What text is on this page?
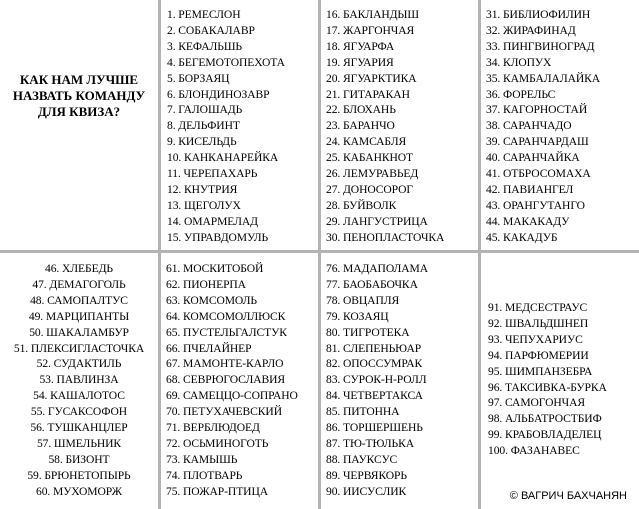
КАК НАМ ЛУЧШЕ НАЗВАТЬ КОМАНДУ ДЛЯ КВИЗА?
1. РЕМЕСЛОН
2. СОБАКАЛАВР
3. КЕФАЛЬШЬ
4. БЕГЕМОТОПЕХОТА
5. БОРЗАЯЦ
6. БЛОНДИНОЗАВР
7. ГАЛОШАДЬ
8. ДЕЛЬФИНТ
9. КИСЕЛЬДЬ
10. КАНКАНАРЕЙКА
11. ЧЕРЕПАХАРЬ
12. КНУТРИЯ
13. ЩЕГОЛУХ
14. ОМАРМЕЛАД
15. УПРАВДОМУЛЬ
16. БАКЛАНДЫШ
17. ЖАРГОНЧАЯ
18. ЯГУАРФА
19. ЯГУАРИЯ
20. ЯГУАРКТИКА
21. ГИТАРАКАН
22. БЛОХАНЬ
23. БАРАНЧО
24. КАМСАБЛЯ
25. КАБАНКНОТ
26. ЛЕМУРАВЬЕД
27. ДОНОСОРОГ
28. БУЙВОЛК
29. ЛАНГУСТРИЦА
30. ПЕНОПЛАСТОЧКА
31. БИБЛИОФИЛИН
32. ЖИРАФИНАД
33. ПИНГВИНОГРАД
34. КЛОПУХ
35. КАМБАЛАЛАЙКА
36. ФОРЕЛЬС
37. КАГОРНОСТАЙ
38. САРАНЧАДО
39. САРАНЧАРДАШ
40. САРАНЧАЙКА
41. ОТБРОСОМАХА
42. ПАВИАНГЕЛ
43. ОРАНГУТАНГО
44. МАКАКАДУ
45. КАКАДУБ
46. ХЛЕБЕДЬ
47. ДЕМАГОГОЛЬ
48. САМОПАЛТУС
49. МАРЦИПАНТЫ
50. ШАКАЛАМБУР
51. ПЛЕКСИГЛАСТОЧКА
52. СУДАКТИЛЬ
53. ПАВЛИНЗА
54. КАШАЛОТОС
55. ГУСАКСОФОН
56. ТУШКАНЦЛЕР
57. ШМЕЛЬНИК
58. БИЗОНТ
59. БРЮНЕТОПЫРЬ
60. МУХОМОРЖ
61. МОСКИТОБОЙ
62. ПИОНЕРПА
63. КОМСОМОЛЬ
64. КОМСОМОЛЛЮСК
65. ПУСТЕЛЬГАЛСТУК
66. ПЧЕЛАЙНЕР
67. МАМОНТЕ-КАРЛО
68. СЕВРЮГОСЛАВИЯ
69. САМЕЦЦО-СОПРАНО
70. ПЕТУХАЧЕВСКИЙ
71. ВЕРБЛЮДОЕД
72. ОСЬМИНОГОТЬ
73. КАМЫШЬ
74. ПЛОТВАРЬ
75. ПОЖАР-ПТИЦА
76. МАДАПОЛАМА
77. БАОБАБОЧКА
78. ОВЦАПЛЯ
79. КОЗАЯЦ
80. ТИГРОТЕКА
81. СЛЕПЕНЬЮАР
82. ОПОССУМРАК
83. СУРОК-Н-РОЛЛ
84. ЧЕТВЕРТАКСА
85. ПИТОННА
86. ТОРШЕРШЕНЬ
87. ТЮ-ТЮЛЬКА
88. ПАУКСУС
89. ЧЕРВЯКОРЬ
90. ИИСУСЛИК
91. МЕДСЕСТРАУС
92. ШВАЛЬДШНЕП
93. ЧЕПУХАРИУС
94. ПАРФЮМЕРИИ
95. ШИМПАНЗЕБРА
96. ТАКСИВКА-БУРКА
97. САМОГОНЧАЯ
98. АЛЬБАТРОСТБИФ
99. КРАБОВЛАДЕЛЕЦ
100. ФАЗАНАВЕС
© ВАГРИЧ БАХЧАНЯН
